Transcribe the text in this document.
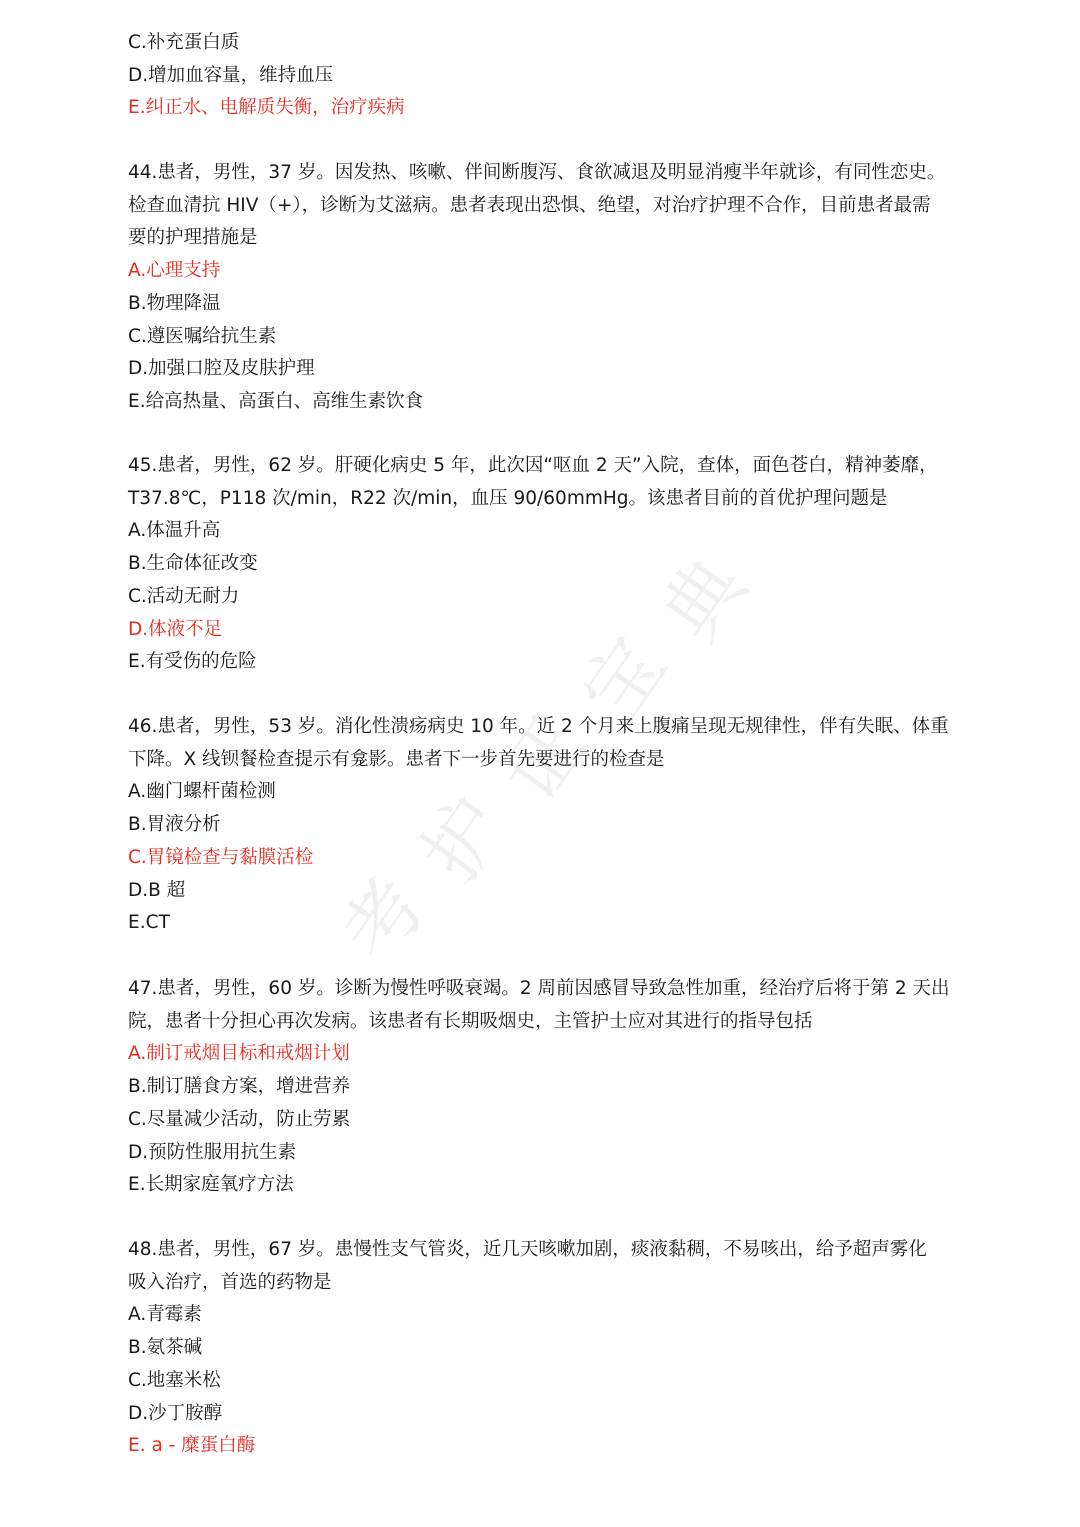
考
护
证
宝
典
C.补充蛋白质
D.增加血容量，维持血压
E.纠正水、电解质失衡，治疗疾病
44.患者，男性，37 岁。因发热、咳嗽、伴间断腹泻、食欲减退及明显消瘦半年就诊，有同性恋史。
检查血清抗 HIV（+），诊断为艾滋病。患者表现出恐惧、绝望，对治疗护理不合作，目前患者最需
要的护理措施是
A.心理支持
B.物理降温
C.遵医嘱给抗生素
D.加强口腔及皮肤护理
E.给高热量、高蛋白、高维生素饮食
45.患者，男性，62 岁。肝硬化病史 5 年，此次因“呕血 2 天”入院，查体，面色苍白，精神萎靡，
T37.8℃，P118 次/min，R22 次/min，血压 90/60mmHg。该患者目前的首优护理问题是
A.体温升高
B.生命体征改变
C.活动无耐力
D.体液不足
E.有受伤的危险
46.患者，男性，53 岁。消化性溃疡病史 10 年。近 2 个月来上腹痛呈现无规律性，伴有失眠、体重
下降。X 线钡餐检查提示有龛影。患者下一步首先要进行的检查是
A.幽门螺杆菌检测
B.胃液分析
C.胃镜检查与黏膜活检
D.B 超
E.CT
47.患者，男性，60 岁。诊断为慢性呼吸衰竭。2 周前因感冒导致急性加重，经治疗后将于第 2 天出
院，患者十分担心再次发病。该患者有长期吸烟史，主管护士应对其进行的指导包括
A.制订戒烟目标和戒烟计划
B.制订膳食方案，增进营养
C.尽量减少活动，防止劳累
D.预防性服用抗生素
E.长期家庭氧疗方法
48.患者，男性，67 岁。患慢性支气管炎，近几天咳嗽加剧，痰液黏稠，不易咳出，给予超声雾化
吸入治疗，首选的药物是
A.青霉素
B.氨茶碱
C.地塞米松
D.沙丁胺醇
E. a - 糜蛋白酶
